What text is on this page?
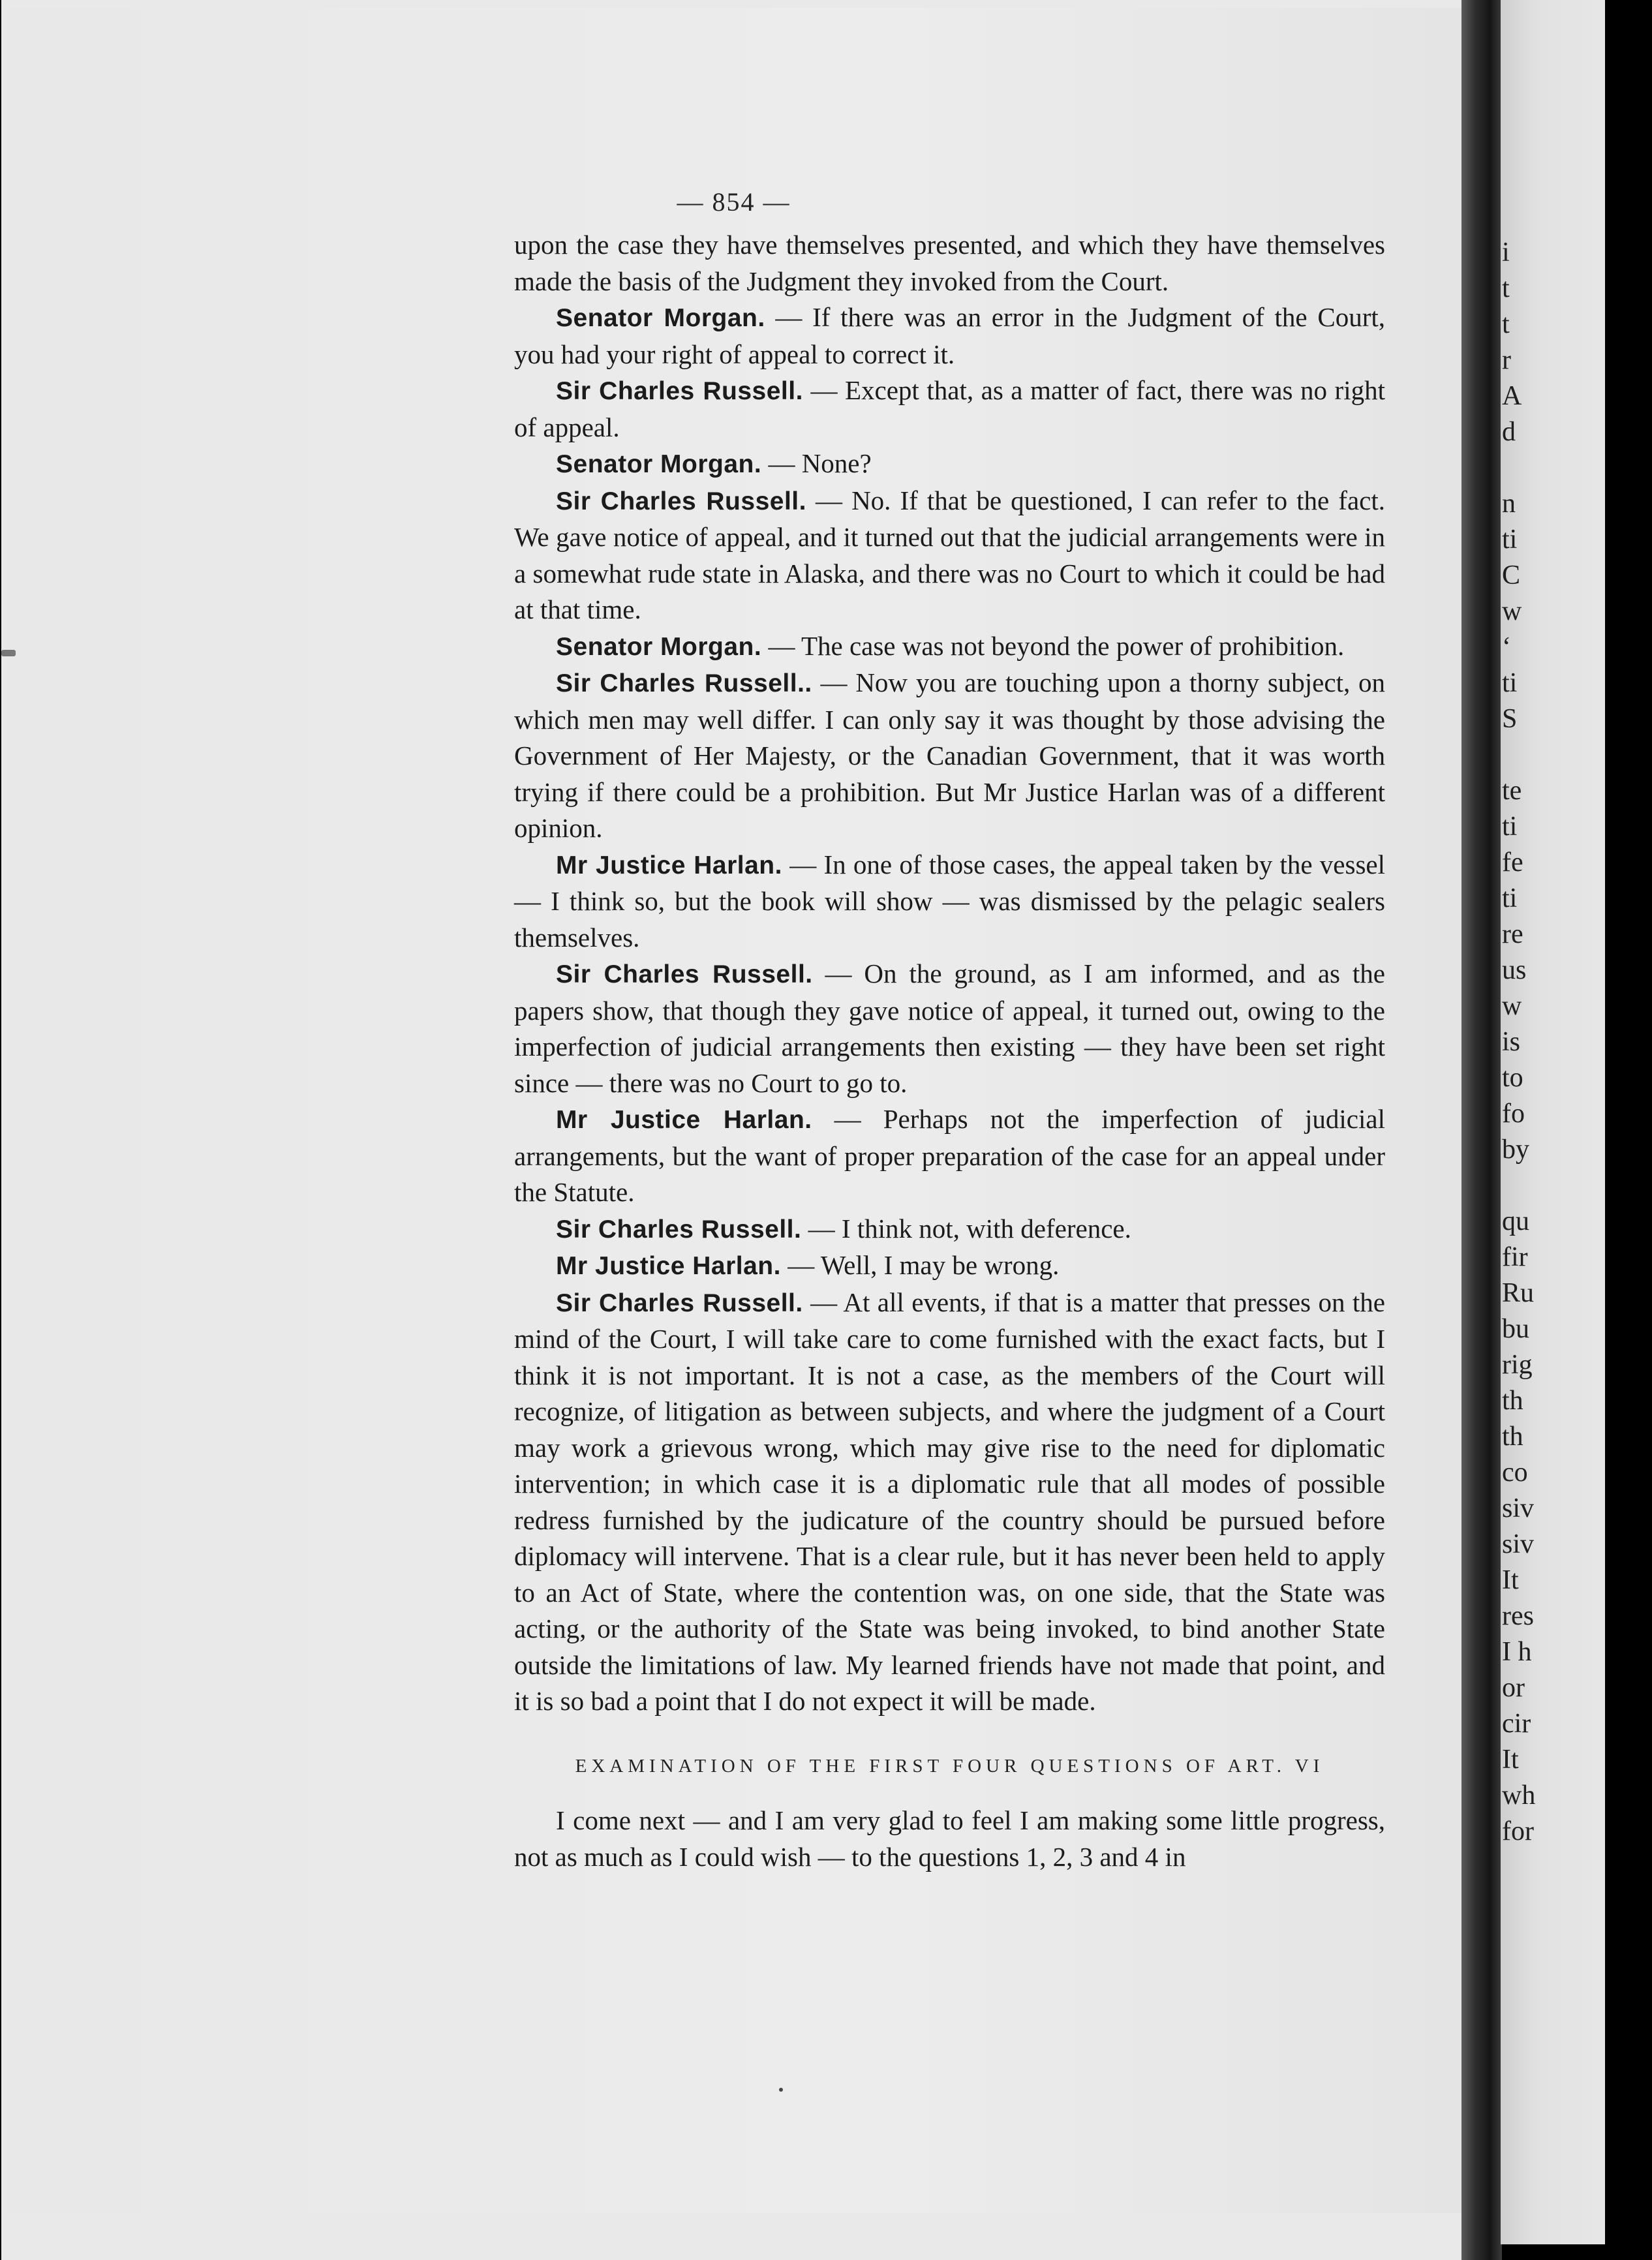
— 854 —

upon the case they have themselves presented, and which they have themselves made the basis of the Judgment they invoked from the Court.

Senator Morgan. — If there was an error in the Judgment of the Court, you had your right of appeal to correct it.

Sir Charles Russell. — Except that, as a matter of fact, there was no right of appeal.

Senator Morgan. — None?

Sir Charles Russell. — No. If that be questioned, I can refer to the fact. We gave notice of appeal, and it turned out that the judicial arrangements were in a somewhat rude state in Alaska, and there was no Court to which it could be had at that time.

Senator Morgan. — The case was not beyond the power of prohibition.

Sir Charles Russell.. — Now you are touching upon a thorny subject, on which men may well differ. I can only say it was thought by those advising the Government of Her Majesty, or the Canadian Government, that it was worth trying if there could be a prohibition. But Mr Justice Harlan was of a different opinion.

Mr Justice Harlan. — In one of those cases, the appeal taken by the vessel — I think so, but the book will show — was dismissed by the pelagic sealers themselves.

Sir Charles Russell. — On the ground, as I am informed, and as the papers show, that though they gave notice of appeal, it turned out, owing to the imperfection of judicial arrangements then existing — they have been set right since — there was no Court to go to.

Mr Justice Harlan. — Perhaps not the imperfection of judicial arrangements, but the want of proper preparation of the case for an appeal under the Statute.

Sir Charles Russell. — I think not, with deference.

Mr Justice Harlan. — Well, I may be wrong.

Sir Charles Russell. — At all events, if that is a matter that presses on the mind of the Court, I will take care to come furnished with the exact facts, but I think it is not important. It is not a case, as the members of the Court will recognize, of litigation as between subjects, and where the judgment of a Court may work a grievous wrong, which may give rise to the need for diplomatic intervention; in which case it is a diplomatic rule that all modes of possible redress furnished by the judicature of the country should be pursued before diplomacy will intervene. That is a clear rule, but it has never been held to apply to an Act of State, where the contention was, on one side, that the State was acting, or the authority of the State was being invoked, to bind another State outside the limitations of law. My learned friends have not made that point, and it is so bad a point that I do not expect it will be made.

EXAMINATION OF THE FIRST FOUR QUESTIONS OF ART. VI

I come next — and I am very glad to feel I am making some little progress, not as much as I could wish — to the questions 1, 2, 3 and 4 in

i
t
t
r
A
d
n
ti
C
w
‘
ti
S
te
ti
fe
ti
re
us
w
is
to
fo
by
qu
fir
Ru
bu
rig
th
th
co
siv
siv
It
res
I h
or
cir
It
wh
for
